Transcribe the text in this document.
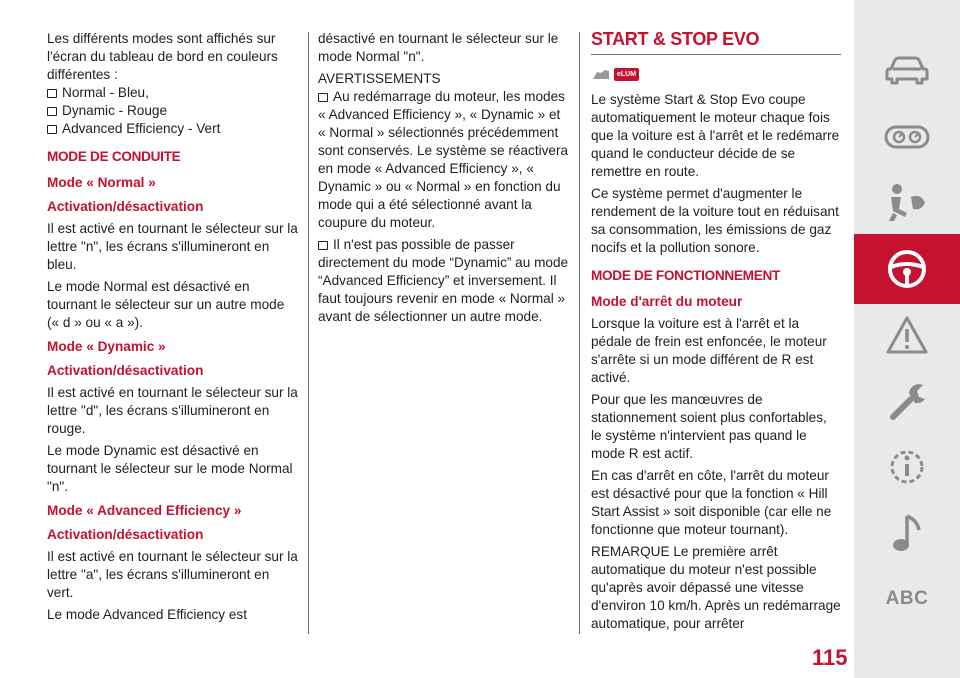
Les différents modes sont affichés sur l'écran du tableau de bord en couleurs différentes :

Normal - Bleu,
Dynamic - Rouge
Advanced Efficiency - Vert
MODE DE CONDUITE
Mode « Normal »
Activation/désactivation

Il est activé en tournant le sélecteur sur la lettre "n", les écrans s'illumineront en bleu.

Le mode Normal est désactivé en tournant le sélecteur sur un autre mode (« d » ou « a »).

Mode « Dynamic »
Activation/désactivation

Il est activé en tournant le sélecteur sur la lettre "d", les écrans s'illumineront en rouge.

Le mode Dynamic est désactivé en tournant le sélecteur sur le mode Normal "n".

Mode « Advanced Efficiency »
Activation/désactivation

Il est activé en tournant le sélecteur sur la lettre "a", les écrans s'illumineront en vert.

Le mode Advanced Efficiency est

désactivé en tournant le sélecteur sur le mode Normal "n".

AVERTISSEMENTS

Au redémarrage du moteur, les modes « Advanced Efficiency », « Dynamic » et « Normal » sélectionnés précédemment sont conservés. Le système se réactivera en mode « Advanced Efficiency », « Dynamic » ou « Normal » en fonction du mode qui a été sélectionné avant la coupure du moteur.

Il n'est pas possible de passer directement du mode “Dynamic” au mode “Advanced Efficiency” et inversement. Il faut toujours revenir en mode « Normal » avant de sélectionner un autre mode.

START & STOP EVO
eLUM

Le système Start & Stop Evo coupe automatiquement le moteur chaque fois que la voiture est à l'arrêt et le redémarre quand le conducteur décide de se remettre en route.

Ce système permet d'augmenter le rendement de la voiture tout en réduisant sa consommation, les émissions de gaz nocifs et la pollution sonore.

MODE DE FONCTIONNEMENT
Mode d'arrêt du moteur

Lorsque la voiture est à l'arrêt et la pédale de frein est enfoncée, le moteur s'arrête si un mode différent de R est activé.

Pour que les manœuvres de stationnement soient plus confortables, le système n'intervient pas quand le mode R est actif.

En cas d'arrêt en côte, l'arrêt du moteur est désactivé pour que la fonction « Hill Start Assist » soit disponible (car elle ne fonctionne que moteur tournant).

REMARQUE Le première arrêt automatique du moteur n'est possible qu'après avoir dépassé une vitesse d'environ 10 km/h. Après un redémarrage automatique, pour arrêter

ABC
115
